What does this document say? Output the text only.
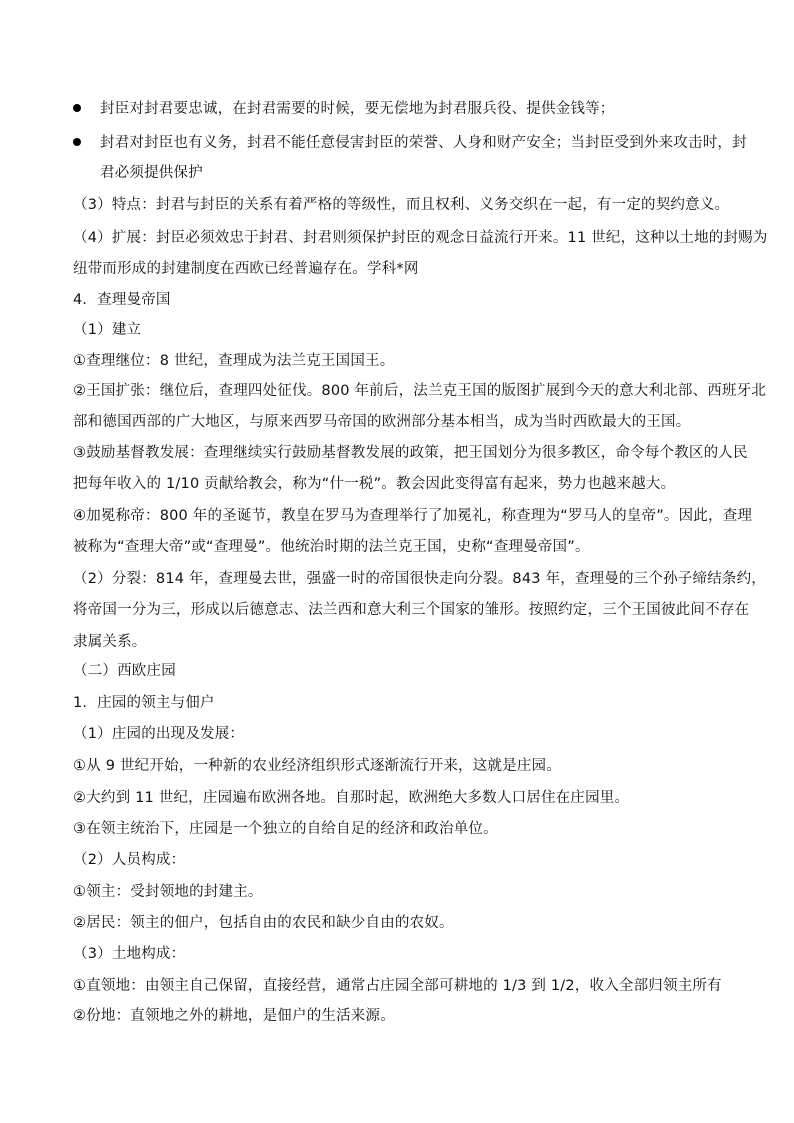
封臣对封君要忠诚，在封君需要的时候，要无偿地为封君服兵役、提供金钱等；
封君对封臣也有义务，封君不能任意侵害封臣的荣誉、人身和财产安全；当封臣受到外来攻击时，封
君必须提供保护
（3）特点：封君与封臣的关系有着严格的等级性，而且权利、义务交织在一起，有一定的契约意义。
（4）扩展：封臣必须效忠于封君、封君则须保护封臣的观念日益流行开来。11 世纪，这种以土地的封赐为
纽带而形成的封建制度在西欧已经普遍存在。学科*网
4．查理曼帝国
（1）建立
①查理继位：8 世纪，查理成为法兰克王国国王。
②王国扩张：继位后，查理四处征伐。800 年前后，法兰克王国的版图扩展到今天的意大利北部、西班牙北
部和德国西部的广大地区，与原来西罗马帝国的欧洲部分基本相当，成为当时西欧最大的王国。
③鼓励基督教发展：查理继续实行鼓励基督教发展的政策，把王国划分为很多教区，命令每个教区的人民
把每年收入的 1/10 贡献给教会，称为“什一税”。教会因此变得富有起来，势力也越来越大。
④加冕称帝：800 年的圣诞节，教皇在罗马为查理举行了加冕礼，称查理为“罗马人的皇帝”。因此，查理
被称为“查理大帝”或“查理曼”。他统治时期的法兰克王国，史称“查理曼帝国”。
（2）分裂：814 年，查理曼去世，强盛一时的帝国很快走向分裂。843 年，查理曼的三个孙子缔结条约，
将帝国一分为三，形成以后德意志、法兰西和意大利三个国家的雏形。按照约定，三个王国彼此间不存在
隶属关系。
（二）西欧庄园
1．庄园的领主与佃户
（1）庄园的出现及发展：
①从 9 世纪开始，一种新的农业经济组织形式逐渐流行开来，这就是庄园。
②大约到 11 世纪，庄园遍布欧洲各地。自那时起，欧洲绝大多数人口居住在庄园里。
③在领主统治下，庄园是一个独立的自给自足的经济和政治单位。
（2）人员构成：
①领主：受封领地的封建主。
②居民：领主的佃户，包括自由的农民和缺少自由的农奴。
（3）土地构成：
①直领地：由领主自己保留，直接经营，通常占庄园全部可耕地的 1/3 到 1/2，收入全部归领主所有
②份地：直领地之外的耕地，是佃户的生活来源。
